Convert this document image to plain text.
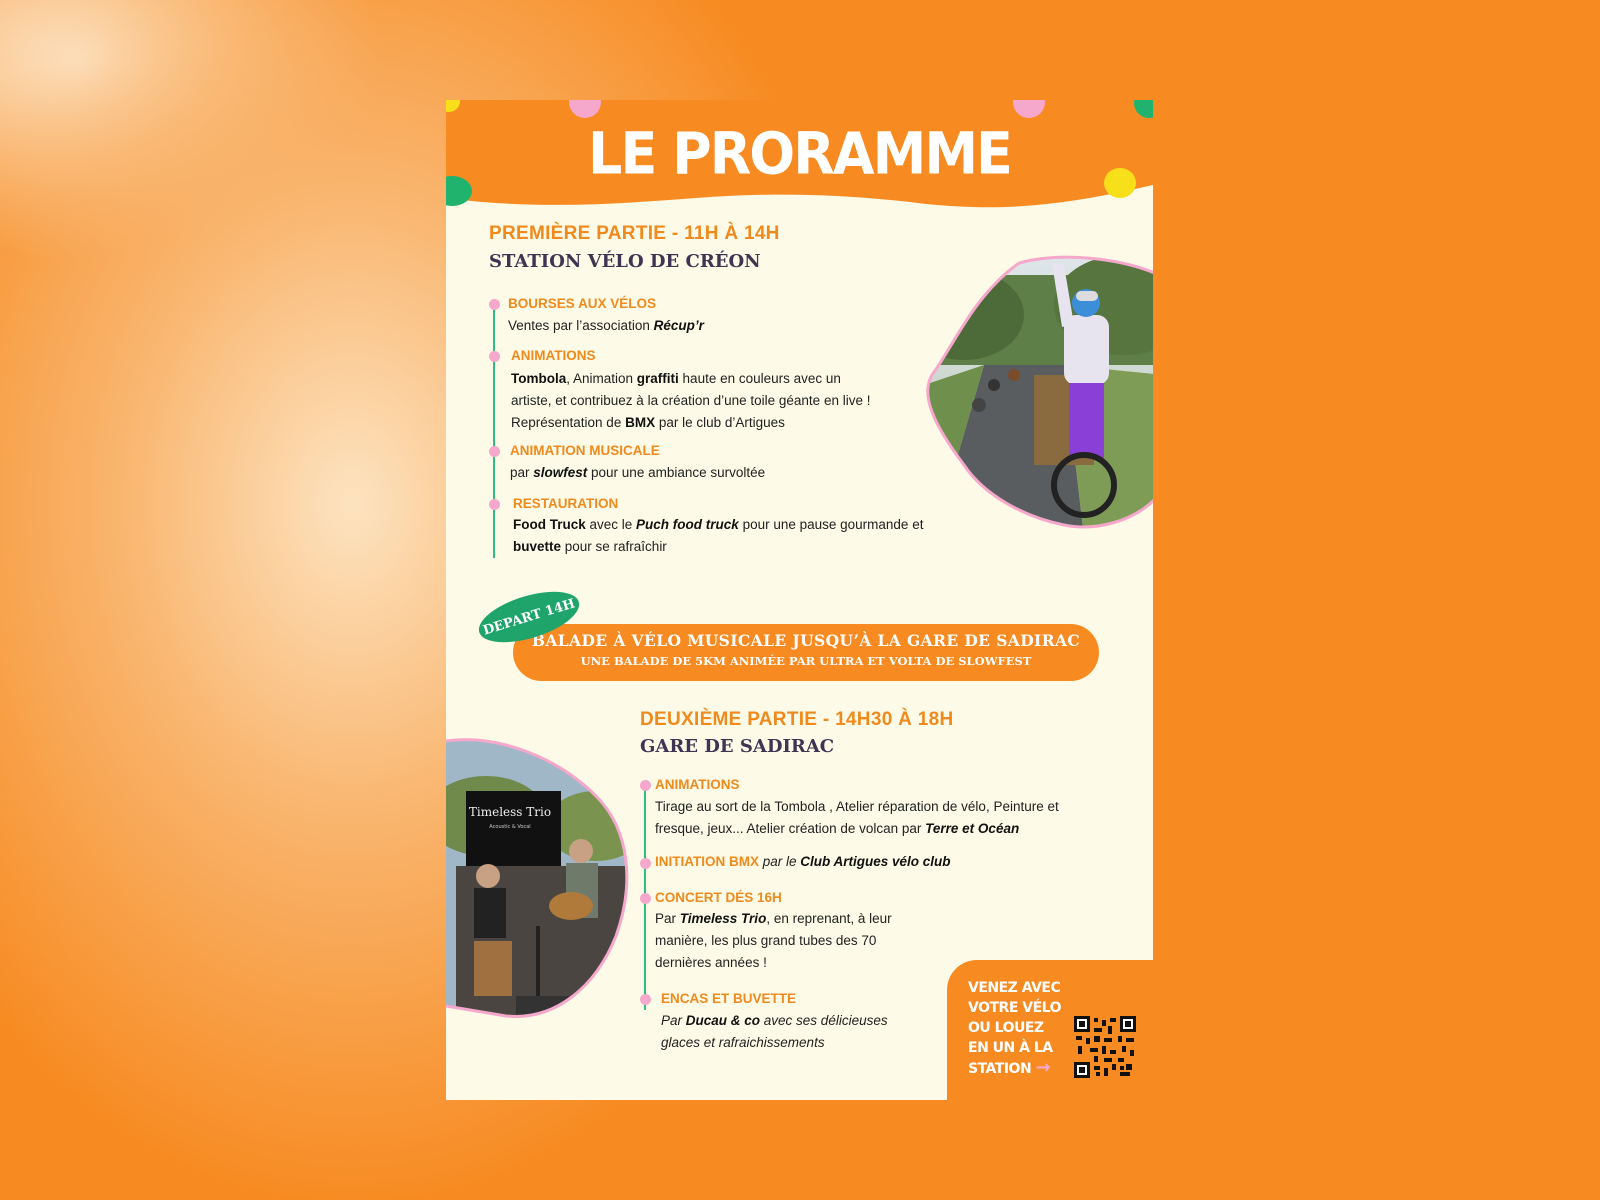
LE PRORAMME
PREMIÈRE PARTIE - 11H À 14H
STATION VÉLO DE CRÉON
BOURSES AUX VÉLOS
Ventes par l’association Récup’r
ANIMATIONS
Tombola, Animation graffiti haute en couleurs avec un
artiste, et contribuez à la création d’une toile géante en live !
Représentation de BMX par le club d’Artigues
ANIMATION MUSICALE
par slowfest pour une ambiance survoltée
RESTAURATION
Food Truck avec le Puch food truck pour une pause gourmande et
buvette pour se rafraîchir
BALADE À VÉLO MUSICALE JUSQU’À LA GARE DE SADIRAC
UNE BALADE DE 5KM ANIMÉE PAR ULTRA ET VOLTA DE SLOWFEST
DEPART 14H
DEUXIÈME PARTIE - 14H30 À 18H
GARE DE SADIRAC
Timeless Trio
Acoustic & Vocal
ANIMATIONS
Tirage au sort de la Tombola , Atelier réparation de vélo, Peinture et
fresque, jeux... Atelier création de volcan par Terre et Océan
INITIATION BMX par le Club Artigues vélo club
CONCERT DÉS 16H
Par Timeless Trio, en reprenant, à leur
manière, les plus grand tubes des 70
dernières années !
ENCAS ET BUVETTE
Par Ducau & co avec ses délicieuses
glaces et rafraichissements
VENEZ AVEC
VOTRE VÉLO
OU LOUEZ
EN UN À LA
STATION →
